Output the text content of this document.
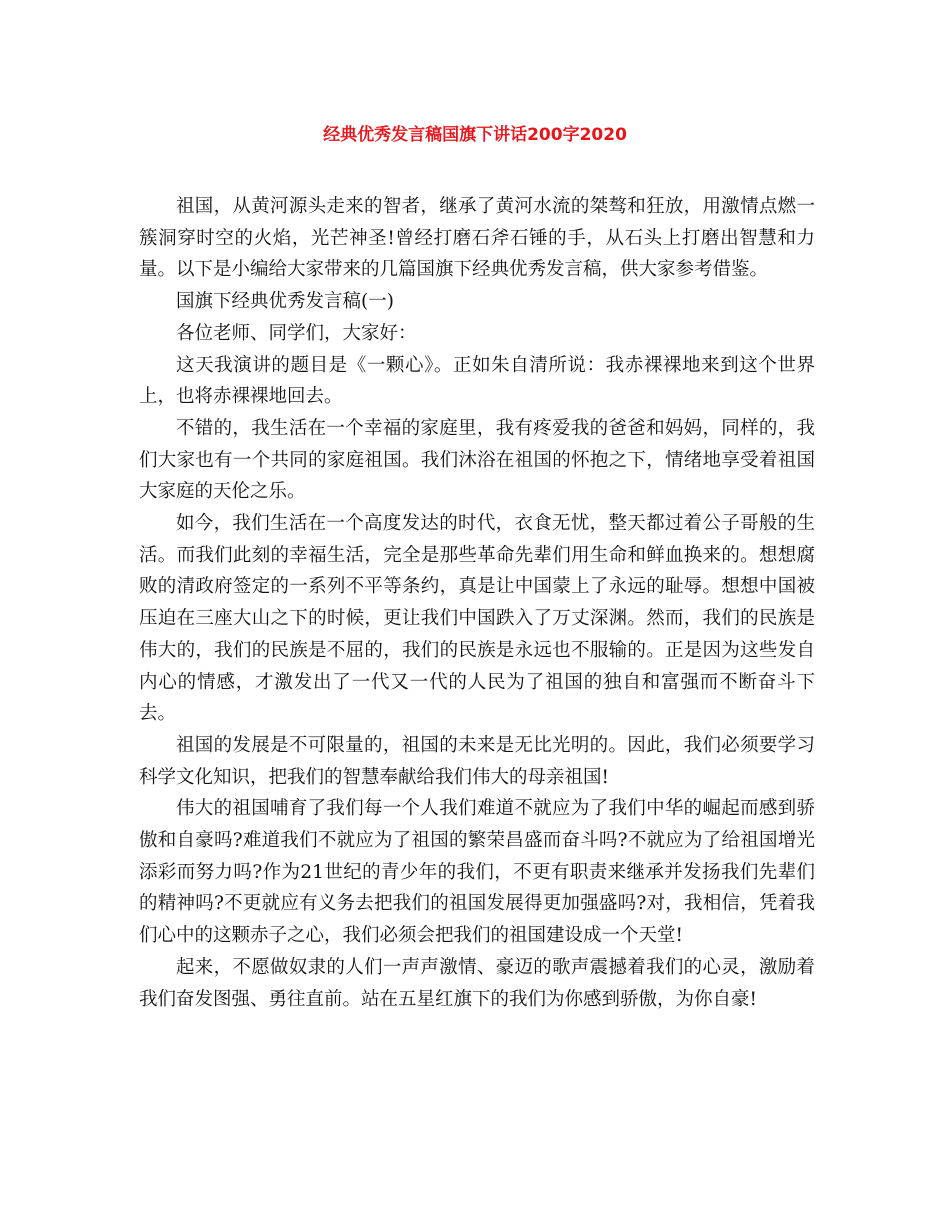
经典优秀发言稿国旗下讲话200字2020

祖国，从黄河源头走来的智者，继承了黄河水流的桀骜和狂放，用激情点燃一簇洞穿时空的火焰，光芒神圣!曾经打磨石斧石锤的手，从石头上打磨出智慧和力量。以下是小编给大家带来的几篇国旗下经典优秀发言稿，供大家参考借鉴。

国旗下经典优秀发言稿(一)

各位老师、同学们，大家好：

这天我演讲的题目是《一颗心》。正如朱自清所说：我赤裸裸地来到这个世界上，也将赤裸裸地回去。

不错的，我生活在一个幸福的家庭里，我有疼爱我的爸爸和妈妈，同样的，我们大家也有一个共同的家庭祖国。我们沐浴在祖国的怀抱之下，情绪地享受着祖国大家庭的天伦之乐。

如今，我们生活在一个高度发达的时代，衣食无忧，整天都过着公子哥般的生活。而我们此刻的幸福生活，完全是那些革命先辈们用生命和鲜血换来的。想想腐败的清政府签定的一系列不平等条约，真是让中国蒙上了永远的耻辱。想想中国被压迫在三座大山之下的时候，更让我们中国跌入了万丈深渊。然而，我们的民族是伟大的，我们的民族是不屈的，我们的民族是永远也不服输的。正是因为这些发自内心的情感，才激发出了一代又一代的人民为了祖国的独自和富强而不断奋斗下去。

祖国的发展是不可限量的，祖国的未来是无比光明的。因此，我们必须要学习科学文化知识，把我们的智慧奉献给我们伟大的母亲祖国!

伟大的祖国哺育了我们每一个人我们难道不就应为了我们中华的崛起而感到骄傲和自豪吗?难道我们不就应为了祖国的繁荣昌盛而奋斗吗?不就应为了给祖国增光添彩而努力吗?作为21世纪的青少年的我们，不更有职责来继承并发扬我们先辈们的精神吗?不更就应有义务去把我们的祖国发展得更加强盛吗?对，我相信，凭着我们心中的这颗赤子之心，我们必须会把我们的祖国建设成一个天堂!

起来，不愿做奴隶的人们一声声激情、豪迈的歌声震撼着我们的心灵，激励着我们奋发图强、勇往直前。站在五星红旗下的我们为你感到骄傲，为你自豪!
